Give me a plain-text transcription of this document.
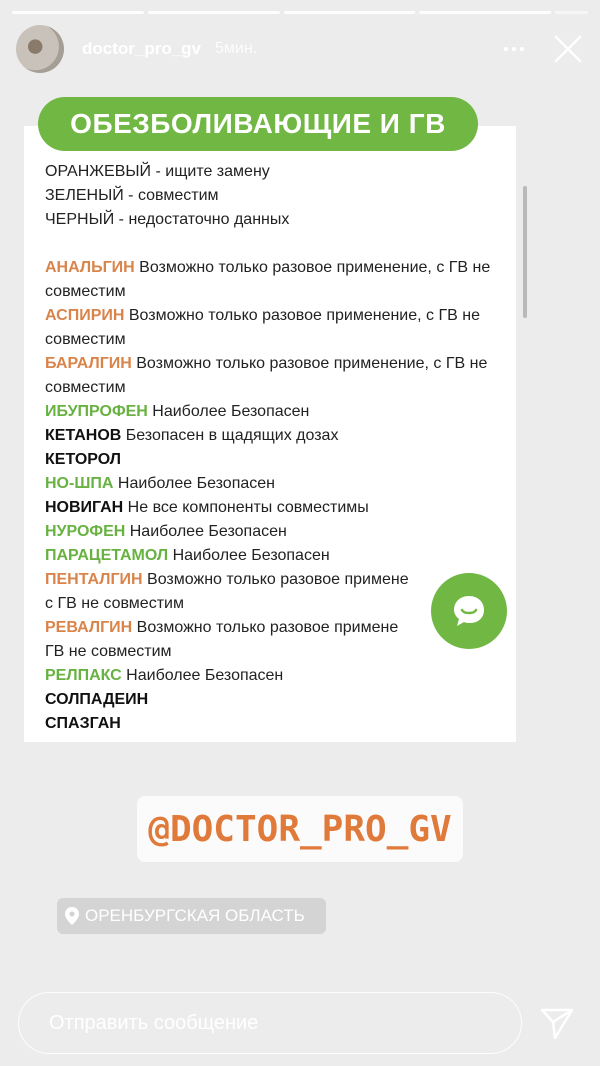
doctor_pro_gv 5мин.
ОБЕЗБОЛИВАЮЩИЕ И ГВ
ОРАНЖЕВЫЙ - ищите замену
ЗЕЛЕНЫЙ - совместим
ЧЕРНЫЙ - недостаточно данных
АНАЛЬГИН Возможно только разовое применение, с ГВ не совместим
АСПИРИН Возможно только разовое применение, с ГВ не совместим
БАРАЛГИН Возможно только разовое применение, с ГВ не совместим
ИБУПРОФЕН Наиболее Безопасен
КЕТАНОВ Безопасен в щадящих дозах
КЕТОРОЛ
НО-ШПА Наиболее Безопасен
НОВИГАН Не все компоненты совместимы
НУРОФЕН Наиболее Безопасен
ПАРАЦЕТАМОЛ Наиболее Безопасен
ПЕНТАЛГИН Возможно только разовое примене
с ГВ не совместим
РЕВАЛГИН Возможно только разовое примене
ГВ не совместим
РЕЛПАКС Наиболее Безопасен
СОЛПАДЕИН
СПАЗГАН
@DOCTOR_PRO_GV
ОРЕНБУРГСКАЯ ОБЛАСТЬ
Отправить сообщение
